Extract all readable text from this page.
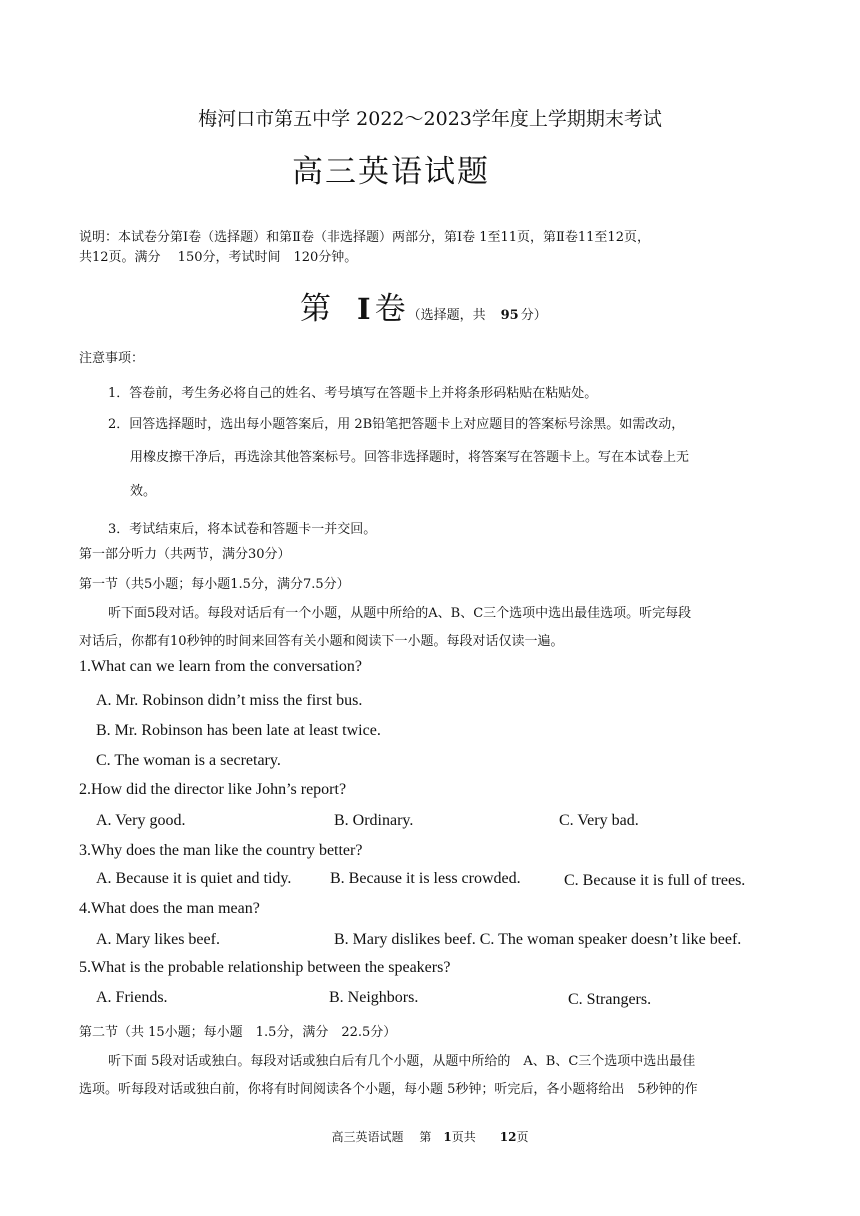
梅河口市第五中学 2022～2023学年度上学期期末考试
高三英语试题
说明：本试卷分第Ⅰ卷（选择题）和第Ⅱ卷（非选择题）两部分，第Ⅰ卷 1至11页，第Ⅱ卷11至12页，
共12页。满分　 150分，考试时间　120分钟。
第 I 卷 （选择题，共　95 分）
注意事项：
1．答卷前，考生务必将自己的姓名、考号填写在答题卡上并将条形码粘贴在粘贴处。
2．回答选择题时，选出每小题答案后，用 2B铅笔把答题卡上对应题目的答案标号涂黑。如需改动，
用橡皮擦干净后，再选涂其他答案标号。回答非选择题时，将答案写在答题卡上。写在本试卷上无
效。
3．考试结束后，将本试卷和答题卡一并交回。
第一部分听力（共两节，满分30分）
第一节（共5小题；每小题1.5分，满分7.5分）
听下面5段对话。每段对话后有一个小题，从题中所给的A、B、C三个选项中选出最佳选项。听完每段
对话后，你都有10秒钟的时间来回答有关小题和阅读下一小题。每段对话仅读一遍。
1.What can we learn from the conversation?
A. Mr. Robinson didn’t miss the first bus.
B. Mr. Robinson has been late at least twice.
C. The woman is a secretary.
2.How did the director like John’s report?
A. Very good.	B. Ordinary.	C. Very bad.
3.Why does the man like the country better?
A. Because it is quiet and tidy. B. Because it is less crowded.	C. Because it is full of trees.
4.What does the man mean?
A. Mary likes beef.	B. Mary dislikes beef. C. The woman speaker doesn’t like beef.
5.What is the probable relationship between the speakers?
A. Friends.	B. Neighbors.	C. Strangers.
第二节（共 15小题；每小题　1.5分，满分　22.5分）
听下面 5段对话或独白。每段对话或独白后有几个小题，从题中所给的　A、B、C三个选项中选出最佳
选项。听每段对话或独白前，你将有时间阅读各个小题，每小题 5秒钟；听完后，各小题将给出　5秒钟的作
高三英语试题　 第　1页共　　12页
